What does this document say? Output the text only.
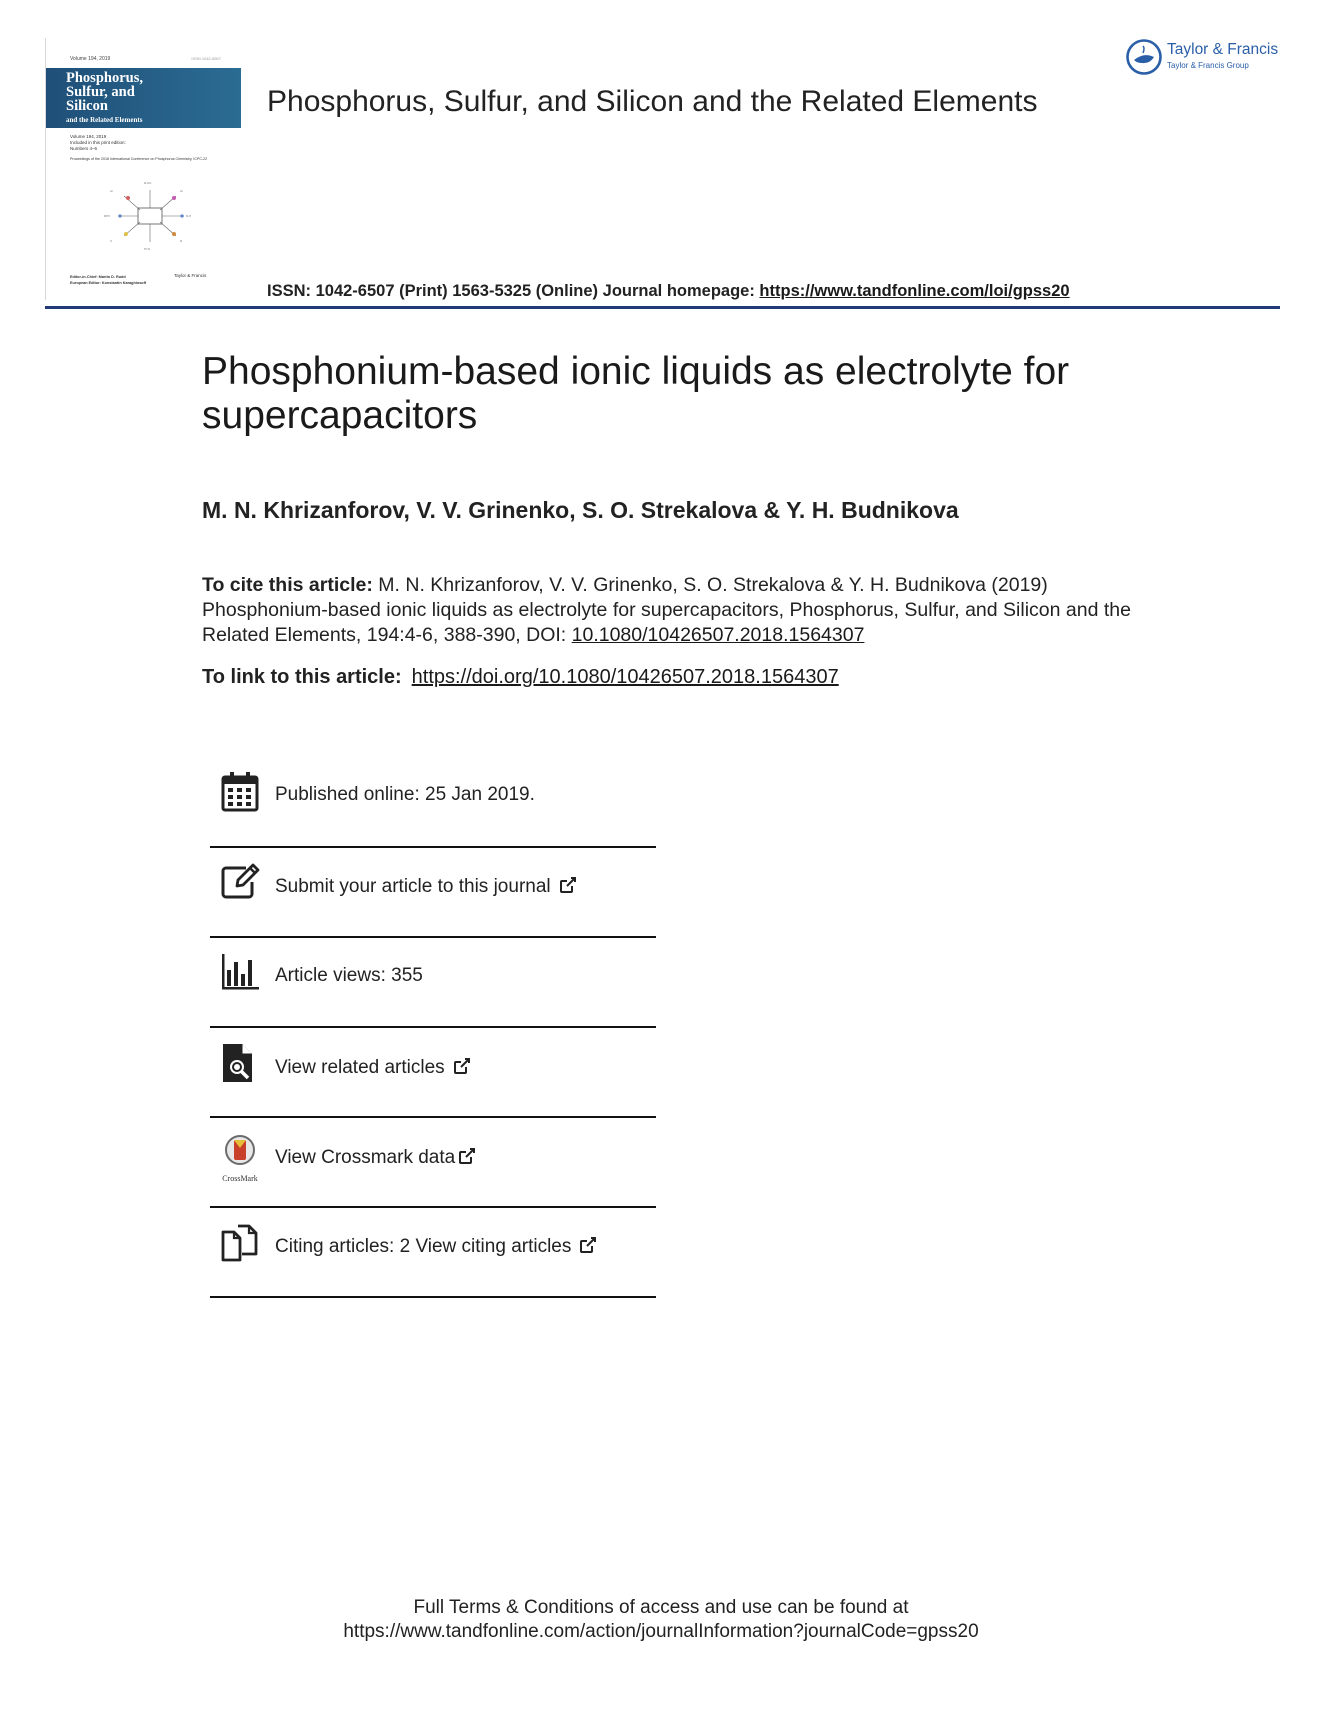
Volume 194, 2019	ISSN 1042-6507
Phosphorus,
Sulfur, and
Silicon
and the Related Elements
Volume 194, 2019
Included in this print edition:
Numbers 4–6
Proceedings of the 2018 International Conference on Phosphorus Chemistry, ICPC-22
R-PH
RPX	R-P
P=O
Ar	Ar
X	R
Editor-in-Chief: Martin D. Rudd
European Editor: Konstantin Karaghiosoff
Taylor & Francis
Phosphorus, Sulfur, and Silicon and the Related Elements
Taylor & Francis
Taylor & Francis Group
ISSN: 1042-6507 (Print) 1563-5325 (Online) Journal homepage: https://www.tandfonline.com/loi/gpss20
Phosphonium-based ionic liquids as electrolyte for supercapacitors
M. N. Khrizanforov, V. V. Grinenko, S. O. Strekalova & Y. H. Budnikova
To cite this article: M. N. Khrizanforov, V. V. Grinenko, S. O. Strekalova & Y. H. Budnikova (2019) Phosphonium-based ionic liquids as electrolyte for supercapacitors, Phosphorus, Sulfur, and Silicon and the Related Elements, 194:4-6, 388-390, DOI: 10.1080/10426507.2018.1564307
To link to this article: https://doi.org/10.1080/10426507.2018.1564307
Published online: 25 Jan 2019.
Submit your article to this journal
Article views: 355
View related articles
CrossMark
View Crossmark data
Citing articles: 2 View citing articles
Full Terms & Conditions of access and use can be found at
https://www.tandfonline.com/action/journalInformation?journalCode=gpss20
